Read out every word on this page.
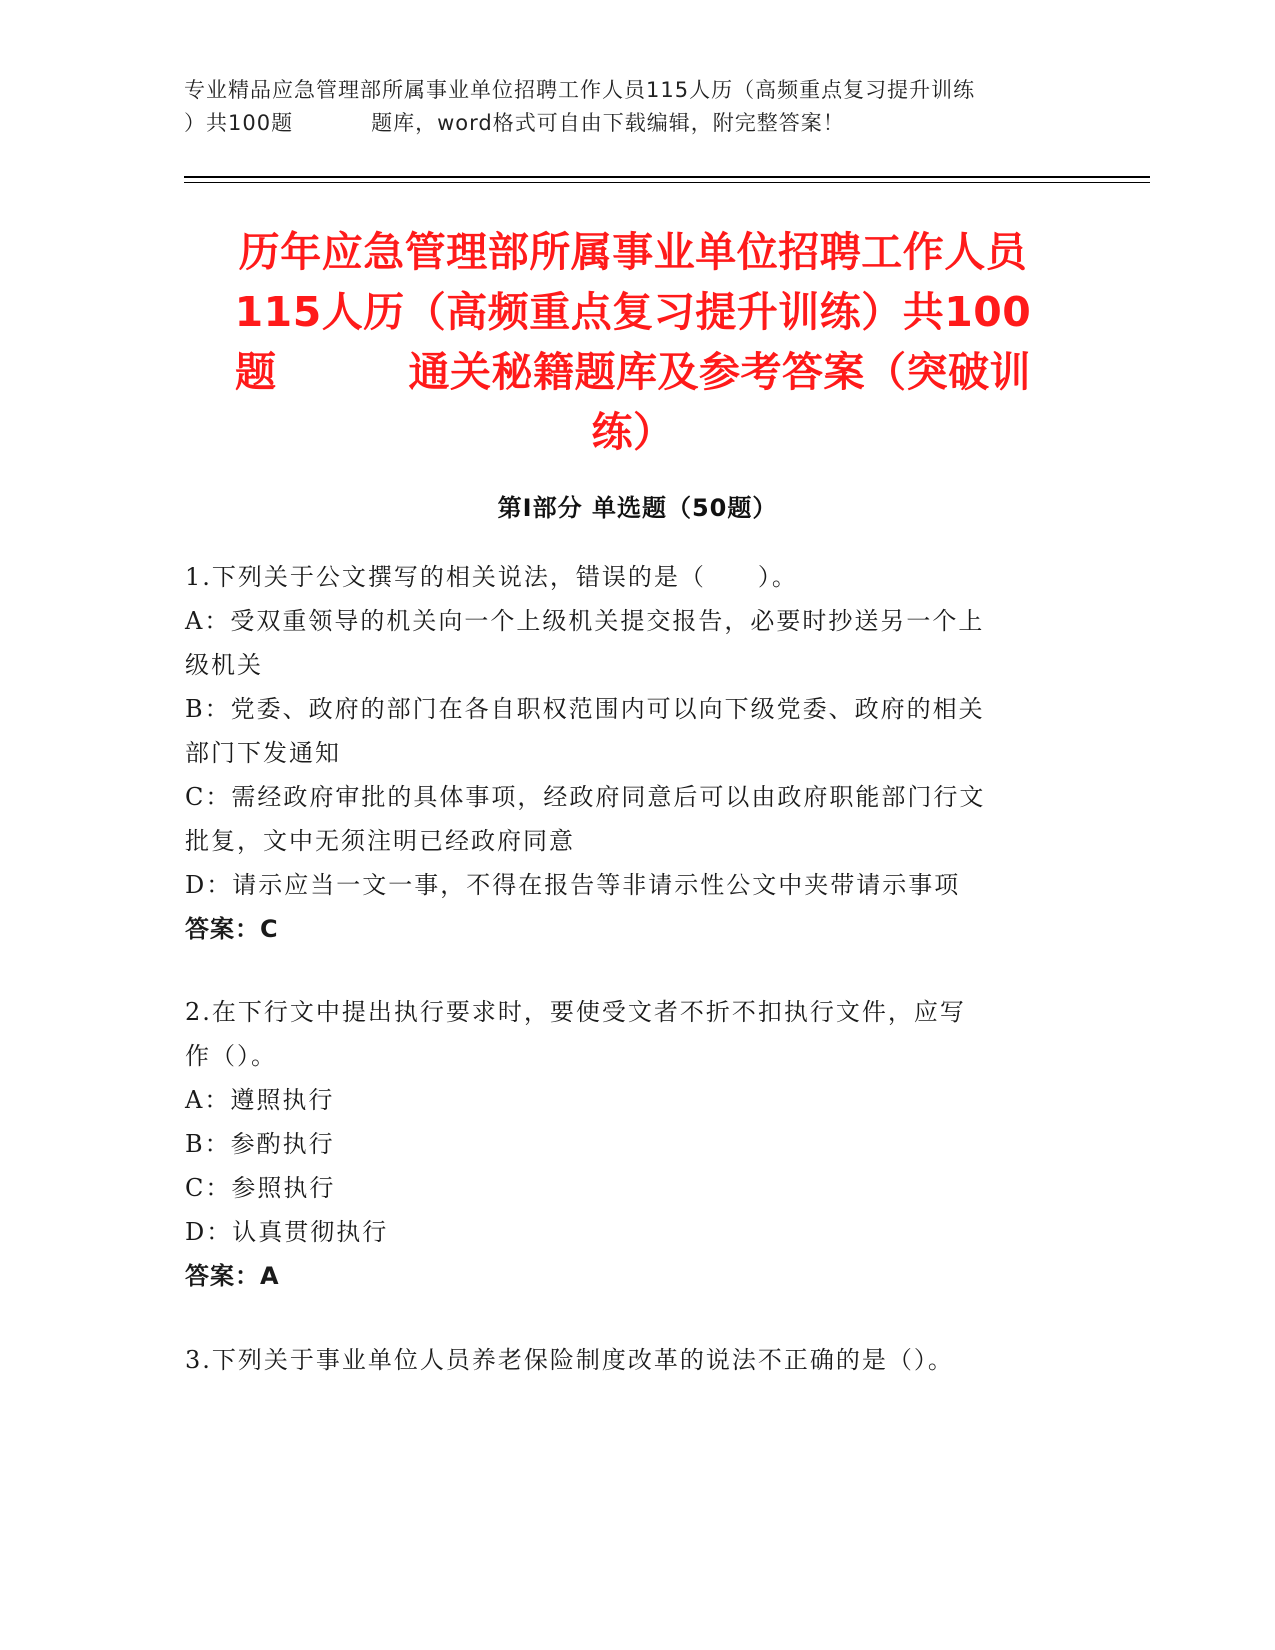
专业精品应急管理部所属事业单位招聘工作人员115人历（高频重点复习提升训练

）共100题	题库，word格式可自由下载编辑，附完整答案！
历年应急管理部所属事业单位招聘工作人员
115人历（高频重点复习提升训练）共100
题	通关秘籍题库及参考答案（突破训
练）
第Ⅰ部分 单选题（50题）
1.下列关于公文撰写的相关说法，错误的是（　　）。
A：受双重领导的机关向一个上级机关提交报告，必要时抄送另一个上
级机关
B：党委、政府的部门在各自职权范围内可以向下级党委、政府的相关
部门下发通知
C：需经政府审批的具体事项，经政府同意后可以由政府职能部门行文
批复，文中无须注明已经政府同意
D：请示应当一文一事，不得在报告等非请示性公文中夹带请示事项
答案：C
2.在下行文中提出执行要求时，要使受文者不折不扣执行文件，应写
作（）。
A：遵照执行
B：参酌执行
C：参照执行
D：认真贯彻执行
答案：A
3.下列关于事业单位人员养老保险制度改革的说法不正确的是（）。
